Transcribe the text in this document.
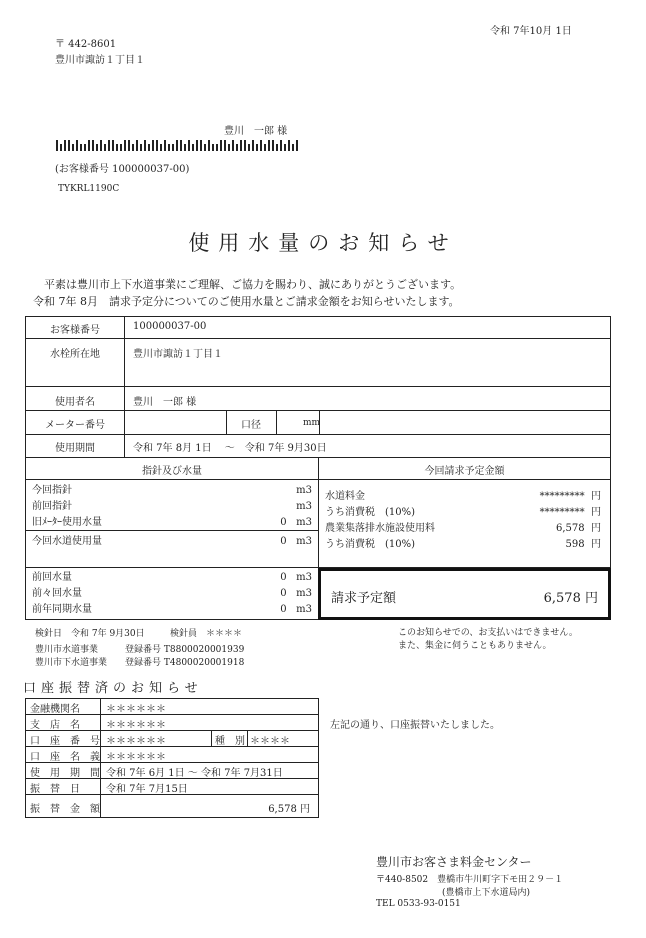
令和 7年10月 1日
〒 442-8601
豊川市諏訪１丁目１
豊川　一郎 様
(お客様番号 100000037-00)
TYKRL1190C
使用水量のお知らせ
平素は豊川市上下水道事業にご理解、ご協力を賜わり、誠にありがとうございます。
令和 7年 8月　請求予定分についてのご使用水量とご請求金額をお知らせいたします。
お客様番号	100000037-00
水栓所在地	豊川市諏訪１丁目１
使用者名	豊川　一郎 様
メーター番号	口径	mm
使用期間	令和 7年 8月 1日　 〜　令和 7年 9月30日
指針及び水量
今回指針	m3
前回指針	m3
旧ﾒｰﾀｰ使用水量	0 m3
今回水道使用量	0 m3
前回水量	0 m3
前々回水量	0 m3
前年同期水量	0 m3
今回請求予定金額
水道料金	********* 円
うち消費税　(10%)	********* 円
農業集落排水施設使用料	6,578 円
うち消費税　(10%)	598 円
請求予定額	6,578 円
検針日　令和 7年 9月30日	検針員　＊＊＊＊
豊川市水道事業　　　登録番号 T8800020001939
豊川市下水道事業　　登録番号 T4800020001918
このお知らせでの、お支払いはできません。
また、集金に伺うこともありません。
口座振替済のお知らせ
金融機関名	＊＊＊＊＊＊
支　店　名	＊＊＊＊＊＊
口　座　番　号 ＊＊＊＊＊＊	種　別 ＊＊＊＊
口　座　名　義 ＊＊＊＊＊＊
使　用　期　間 令和 7年 6月 1日 〜 令和 7年 7月31日
振　替　日	令和 7年 7月15日
振　替　金　額	6,578 円
左記の通り、口座振替いたしました。
豊川市お客さま料金センター
〒440-8502　豊橋市牛川町字下モ田２９－１
(豊橋市上下水道局内)
TEL 0533-93-0151
